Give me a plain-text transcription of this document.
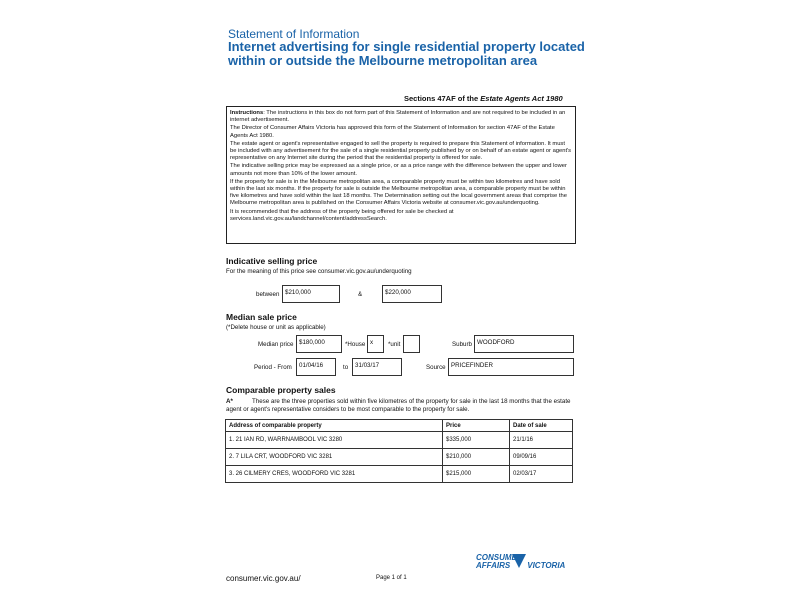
Statement of Information
Internet advertising for single residential property located within or outside the Melbourne metropolitan area
Sections 47AF of the Estate Agents Act 1980

Instructions: The instructions in this box do not form part of this Statement of Information and are not required to be included in an internet advertisement.

The Director of Consumer Affairs Victoria has approved this form of the Statement of Information for section 47AF of the Estate Agents Act 1980.

The estate agent or agent's representative engaged to sell the property is required to prepare this Statement of information. It must be included with any advertisement for the sale of a single residential property published by or on behalf of an estate agent or agent's representative on any Internet site during the period that the residential property is offered for sale.

The indicative selling price may be expressed as a single price, or as a price range with the difference between the upper and lower amounts not more than 10% of the lower amount.

If the property for sale is in the Melbourne metropolitan area, a comparable property must be within two kilometres and have sold within the last six months. If the property for sale is outside the Melbourne metropolitan area, a comparable property must be within five kilometres and have sold within the last 18 months. The Determination setting out the local government areas that comprise the Melbourne metropolitan area is published on the Consumer Affairs Victoria website at consumer.vic.gov.au/underquoting.

It is recommended that the address of the property being offered for sale be checked at services.land.vic.gov.au/landchannel/content/addressSearch.

Indicative selling price
For the meaning of this price see consumer.vic.gov.au/underquoting
between $210,000	&	$220,000
Median sale price
(*Delete house or unit as applicable)
Median price $180,000	*House x	*unit	Suburb WOODFORD
Period - From	01/04/16	to	31/03/17	Source PRICEFINDER
Comparable property sales
A*	These are the three properties sold within five kilometres of the property for sale in the last 18 months that the estate agent or agent's representative considers to be most comparable to the property for sale.
Address of comparable property	Price	Date of sale
1. 21 IAN RD, WARRNAMBOOL VIC 3280	$335,000	21/1/16
2. 7 LILA CRT, WOODFORD VIC 3281	$210,000	09/09/16
3. 26 CILMERY CRES, WOODFORD VIC 3281	$215,000	02/03/17
CONSUMER
AFFAIRS VICTORIA
consumer.vic.gov.au/	Page 1 of 1
